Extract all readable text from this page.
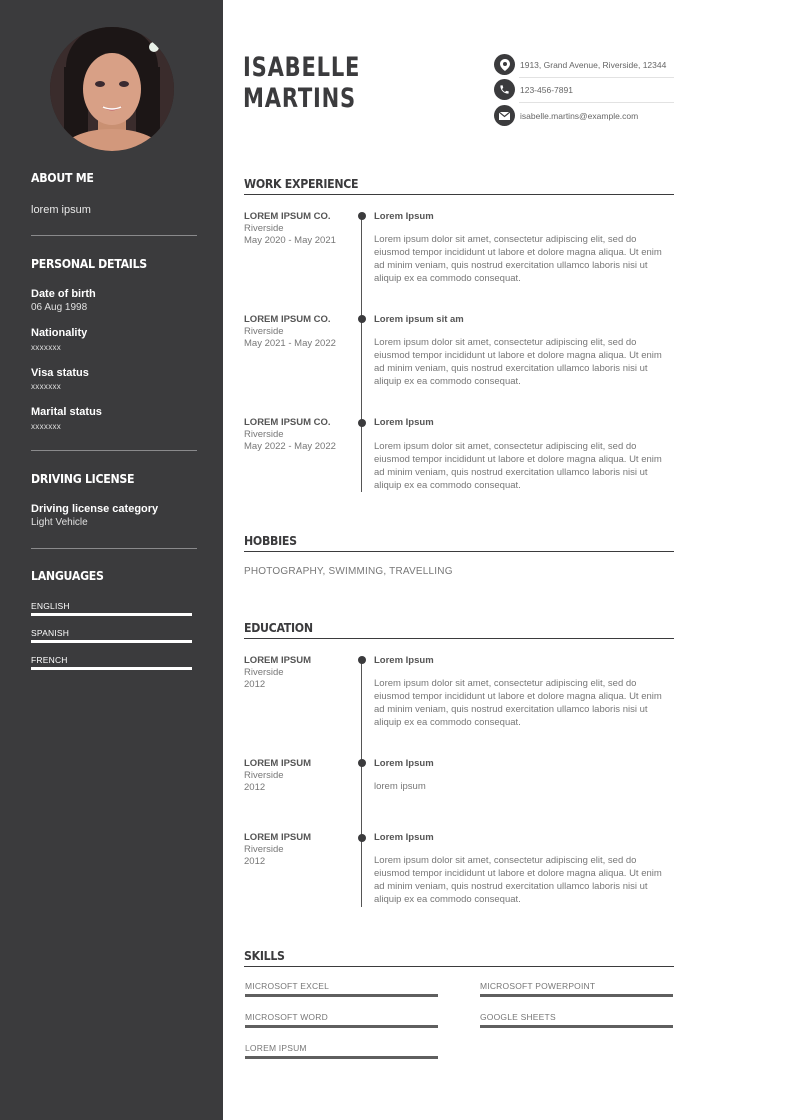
ABOUT ME
lorem ipsum
PERSONAL DETAILS
Date of birth
06 Aug 1998
Nationality
xxxxxxx
Visa status
xxxxxxx
Marital status
xxxxxxx
DRIVING LICENSE
Driving license category
Light Vehicle
LANGUAGES
ENGLISH
SPANISH
FRENCH
ISABELLE
MARTINS
1913, Grand Avenue, Riverside, 12344
123-456-7891
isabelle.martins@example.com
WORK EXPERIENCE
LOREM IPSUM CO.
Riverside
May 2020 - May 2021
Lorem Ipsum
Lorem ipsum dolor sit amet, consectetur adipiscing elit, sed do eiusmod tempor incididunt ut labore et dolore magna aliqua. Ut enim ad minim veniam, quis nostrud exercitation ullamco laboris nisi ut aliquip ex ea commodo consequat.
LOREM IPSUM CO.
Riverside
May 2021 - May 2022
Lorem ipsum sit am
Lorem ipsum dolor sit amet, consectetur adipiscing elit, sed do eiusmod tempor incididunt ut labore et dolore magna aliqua. Ut enim ad minim veniam, quis nostrud exercitation ullamco laboris nisi ut aliquip ex ea commodo consequat.
LOREM IPSUM CO.
Riverside
May 2022 - May 2022
Lorem Ipsum
Lorem ipsum dolor sit amet, consectetur adipiscing elit, sed do eiusmod tempor incididunt ut labore et dolore magna aliqua. Ut enim ad minim veniam, quis nostrud exercitation ullamco laboris nisi ut aliquip ex ea commodo consequat.
HOBBIES
PHOTOGRAPHY, SWIMMING, TRAVELLING
EDUCATION
LOREM IPSUM
Riverside
2012
Lorem Ipsum
Lorem ipsum dolor sit amet, consectetur adipiscing elit, sed do eiusmod tempor incididunt ut labore et dolore magna aliqua. Ut enim ad minim veniam, quis nostrud exercitation ullamco laboris nisi ut aliquip ex ea commodo consequat.
LOREM IPSUM
Riverside
2012
Lorem Ipsum
lorem ipsum
LOREM IPSUM
Riverside
2012
Lorem Ipsum
Lorem ipsum dolor sit amet, consectetur adipiscing elit, sed do eiusmod tempor incididunt ut labore et dolore magna aliqua. Ut enim ad minim veniam, quis nostrud exercitation ullamco laboris nisi ut aliquip ex ea commodo consequat.
SKILLS
MICROSOFT EXCEL	MICROSOFT POWERPOINT
MICROSOFT WORD	GOOGLE SHEETS
LOREM IPSUM
